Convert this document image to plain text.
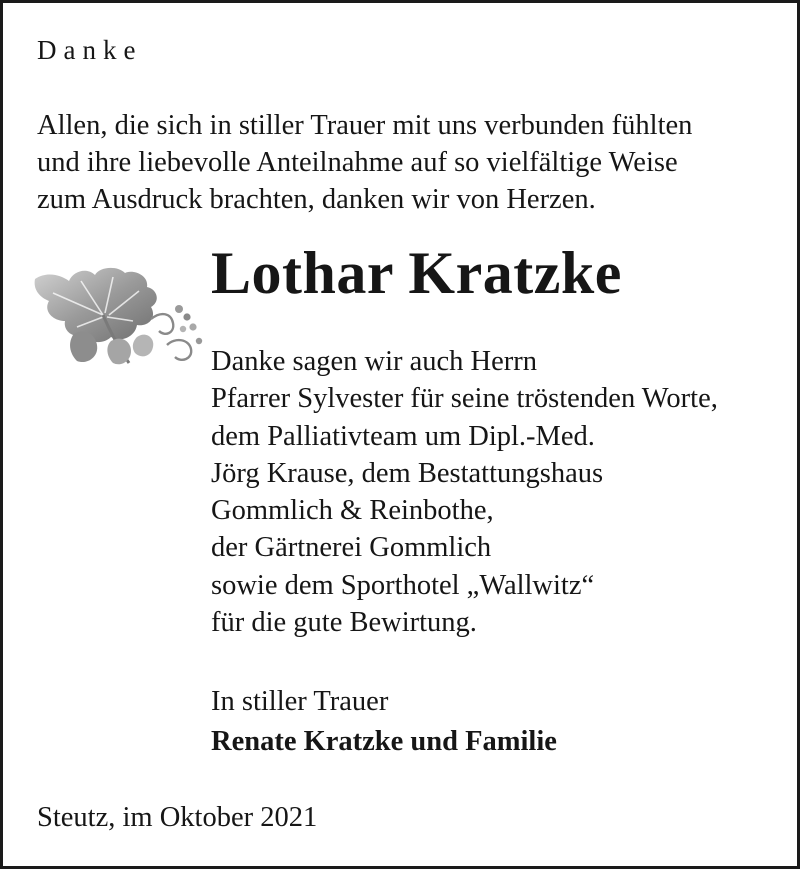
Danke
Allen, die sich in stiller Trauer mit uns verbunden fühlten
und ihre liebevolle Anteilnahme auf so vielfältige Weise
zum Ausdruck brachten, danken wir von Herzen.
Lothar Kratzke
Danke sagen wir auch Herrn
Pfarrer Sylvester für seine tröstenden Worte,
dem Palliativteam um Dipl.-Med.
Jörg Krause, dem Bestattungshaus
Gommlich & Reinbothe,
der Gärtnerei Gommlich
sowie dem Sporthotel „Wallwitz“
für die gute Bewirtung.
In stiller Trauer
Renate Kratzke und Familie
Steutz, im Oktober 2021
